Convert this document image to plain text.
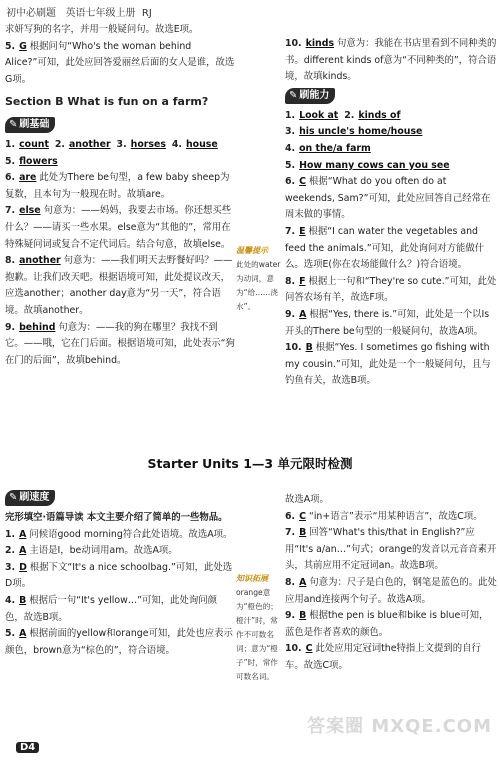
初中必刷题 英语七年级上册 RJ

求妍写狗的名字，并用一般疑问句。故选E项。

5. G 根据问句“Who's the woman behind Alice?”可知，此处应回答爱丽丝后面的女人是谁，故选G项。

Section B What is fun on a farm?

✎ 刷基础

1. count 2. another 3. horses 4. house

5. flowers

6. are 此处为There be句型，a few baby sheep为复数，且本句为一般现在时。故填are。

7. else 句意为：——妈妈，我要去市场。你还想买些什么？——请买一些水果。else意为“其他的”，常用在特殊疑问词或复合不定代词后。结合句意，故填else。

8. another 句意为：——我们明天去野餐好吗？——抱歉。让我们改天吧。根据语境可知，此处提议改天，应选another；another day意为“另一天”，符合语境。故填another。

9. behind 句意为：——我的狗在哪里？我找不到它。——哦，它在门后面。根据语境可知，此处表示“狗在门的后面”，故填behind。

温馨提示
此处的water为动词，意为“给……浇水”。

10. kinds 句意为：我能在书店里看到不同种类的书。different kinds of意为“不同种类的”，符合语境，故填kinds。

✎ 刷能力

1. Look at 2. kinds of

3. his uncle's home/house

4. on the/a farm

5. How many cows can you see

6. C 根据“What do you often do at weekends, Sam?”可知，此处应回答自己经常在周末做的事情。

7. E 根据“I can water the vegetables and feed the animals.”可知，此处询问对方能做什么。选项E(你在农场能做什么？)符合语境。

8. F 根据上一句和“They're so cute.”可知，此处问答农场有羊，故选F项。

9. A 根据“Yes, there is.”可知，此处是一个以Is开头的There be句型的一般疑问句，故选A项。

10. B 根据“Yes. I sometimes go fishing with my cousin.”可知，此处是一个一般疑问句，且与钓鱼有关，故选B项。

Starter Units 1—3 单元限时检测
✎ 刷速度

完形填空·语篇导读 本文主要介绍了简单的一些物品。

1. A 问候语good morning符合此处语境。故选A项。

2. A 主语是I，be动词用am。故选A项。

3. D 根据下文“It's a nice schoolbag.”可知，此处选D项。

4. B 根据后一句“It's yellow…”可知，此处询问颜色，故选B项。

5. A 根据前面的yellow和orange可知，此处也应表示颜色，brown意为“棕色的”，符合语境。

知识拓展
orange意为“橙色的；橙汁”时，常作不可数名词；意为“橙子”时，常作可数名词。

故选A项。

6. C “in+语言”表示“用某种语言”，故选C项。

7. B 回答“What's this/that in English?”应用“It's a/an…”句式；orange的发音以元音音素开头，其前应用不定冠词an。故选B项。

8. A 句意为：尺子是白色的，钢笔是蓝色的。此处应用and连接两个句子。故选A项。

9. B 根据the pen is blue和bike is blue可知，蓝色是作者喜欢的颜色。

10. C 此处应用定冠词the特指上文提到的自行车。故选C项。

D4
答案圈 MXQE.COM
